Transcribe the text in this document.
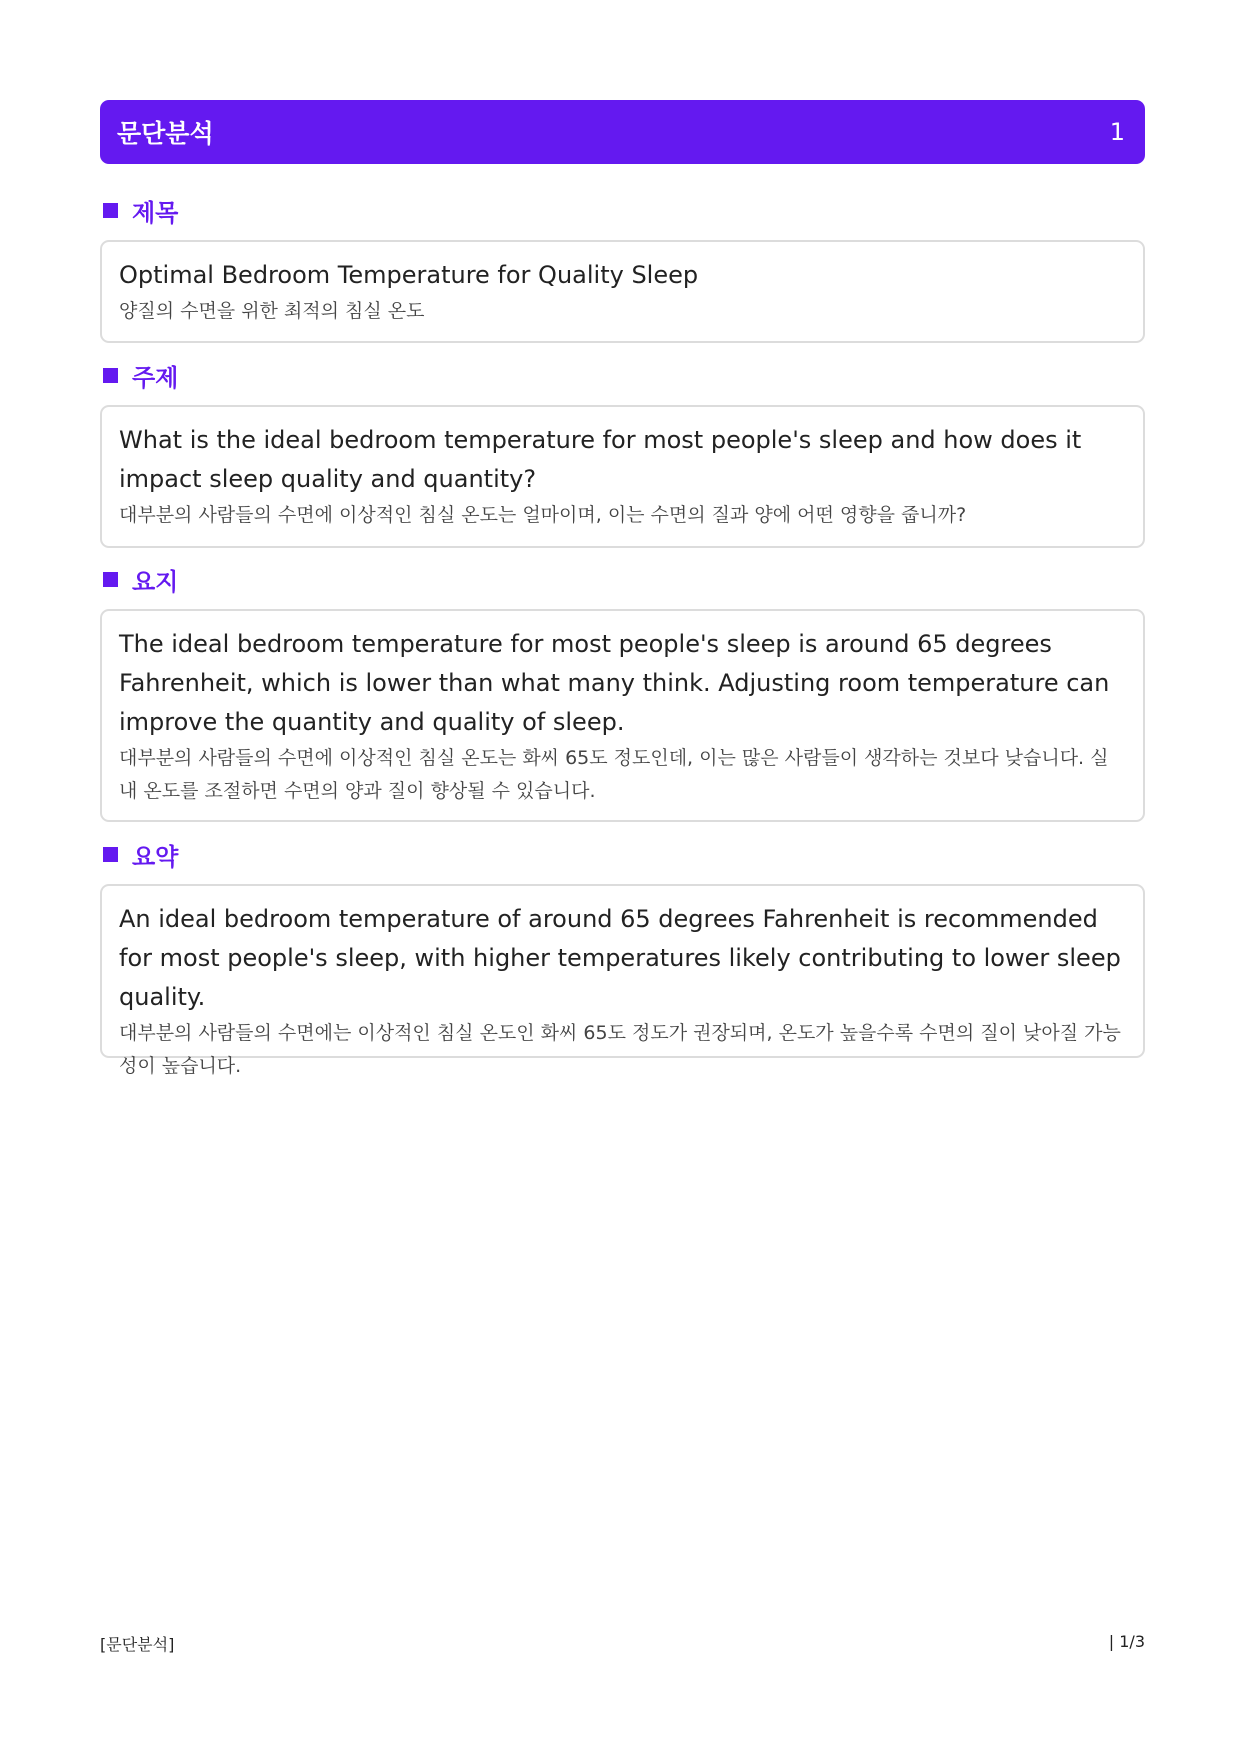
문단분석	1
제목
Optimal Bedroom Temperature for Quality Sleep
양질의 수면을 위한 최적의 침실 온도
주제
What is the ideal bedroom temperature for most people's sleep and how does it impact sleep quality and quantity?
대부분의 사람들의 수면에 이상적인 침실 온도는 얼마이며, 이는 수면의 질과 양에 어떤 영향을 줍니까?
요지
The ideal bedroom temperature for most people's sleep is around 65 degrees Fahrenheit, which is lower than what many think. Adjusting room temperature can improve the quantity and quality of sleep.
대부분의 사람들의 수면에 이상적인 침실 온도는 화씨 65도 정도인데, 이는 많은 사람들이 생각하는 것보다 낮습니다. 실내 온도를 조절하면 수면의 양과 질이 향상될 수 있습니다.
요약
An ideal bedroom temperature of around 65 degrees Fahrenheit is recommended for most people's sleep, with higher temperatures likely contributing to lower sleep quality.
대부분의 사람들의 수면에는 이상적인 침실 온도인 화씨 65도 정도가 권장되며, 온도가 높을수록 수면의 질이 낮아질 가능성이 높습니다.
[문단분석]	| 1/3
